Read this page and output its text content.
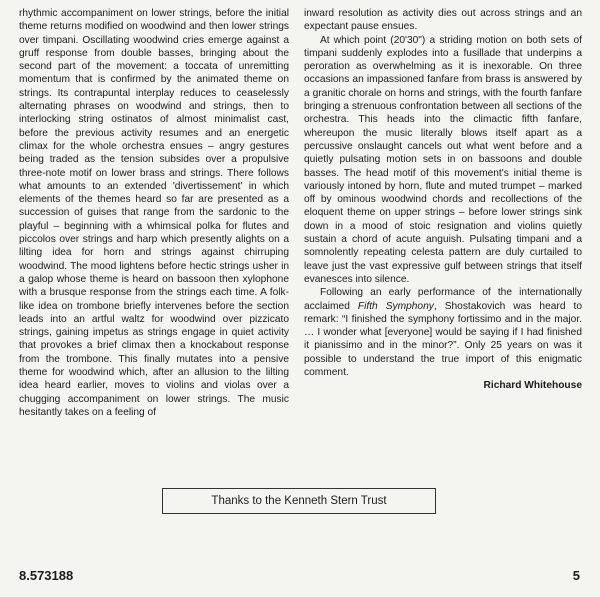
rhythmic accompaniment on lower strings, before the initial theme returns modified on woodwind and then lower strings over timpani. Oscillating woodwind cries emerge against a gruff response from double basses, bringing about the second part of the movement: a toccata of unremitting momentum that is confirmed by the animated theme on strings. Its contrapuntal interplay reduces to ceaselessly alternating phrases on woodwind and strings, then to interlocking string ostinatos of almost minimalist cast, before the previous activity resumes and an energetic climax for the whole orchestra ensues – angry gestures being traded as the tension subsides over a propulsive three-note motif on lower brass and strings. There follows what amounts to an extended 'divertissement' in which elements of the themes heard so far are presented as a succession of guises that range from the sardonic to the playful – beginning with a whimsical polka for flutes and piccolos over strings and harp which presently alights on a lilting idea for horn and strings against chirruping woodwind. The mood lightens before hectic strings usher in a galop whose theme is heard on bassoon then xylophone with a brusque response from the strings each time. A folk-like idea on trombone briefly intervenes before the section leads into an artful waltz for woodwind over pizzicato strings, gaining impetus as strings engage in quiet activity that provokes a brief climax then a knockabout response from the trombone. This finally mutates into a pensive theme for woodwind which, after an allusion to the lilting idea heard earlier, moves to violins and violas over a chugging accompaniment on lower strings. The music hesitantly takes on a feeling of

inward resolution as activity dies out across strings and an expectant pause ensues.

At which point (20'30") a striding motion on both sets of timpani suddenly explodes into a fusillade that underpins a peroration as overwhelming as it is inexorable. On three occasions an impassioned fanfare from brass is answered by a granitic chorale on horns and strings, with the fourth fanfare bringing a strenuous confrontation between all sections of the orchestra. This heads into the climactic fifth fanfare, whereupon the music literally blows itself apart as a percussive onslaught cancels out what went before and a quietly pulsating motion sets in on bassoons and double basses. The head motif of this movement's initial theme is variously intoned by horn, flute and muted trumpet – marked off by ominous woodwind chords and recollections of the eloquent theme on upper strings – before lower strings sink down in a mood of stoic resignation and violins quietly sustain a chord of acute anguish. Pulsating timpani and a somnolently repeating celesta pattern are duly curtailed to leave just the vast expressive gulf between strings that itself evanesces into silence.

Following an early performance of the internationally acclaimed Fifth Symphony, Shostakovich was heard to remark: “I finished the symphony fortissimo and in the major. … I wonder what [everyone] would be saying if I had finished it pianissimo and in the minor?”. Only 25 years on was it possible to understand the true import of this enigmatic comment.

Richard Whitehouse

Thanks to the Kenneth Stern Trust
8.573188	5
